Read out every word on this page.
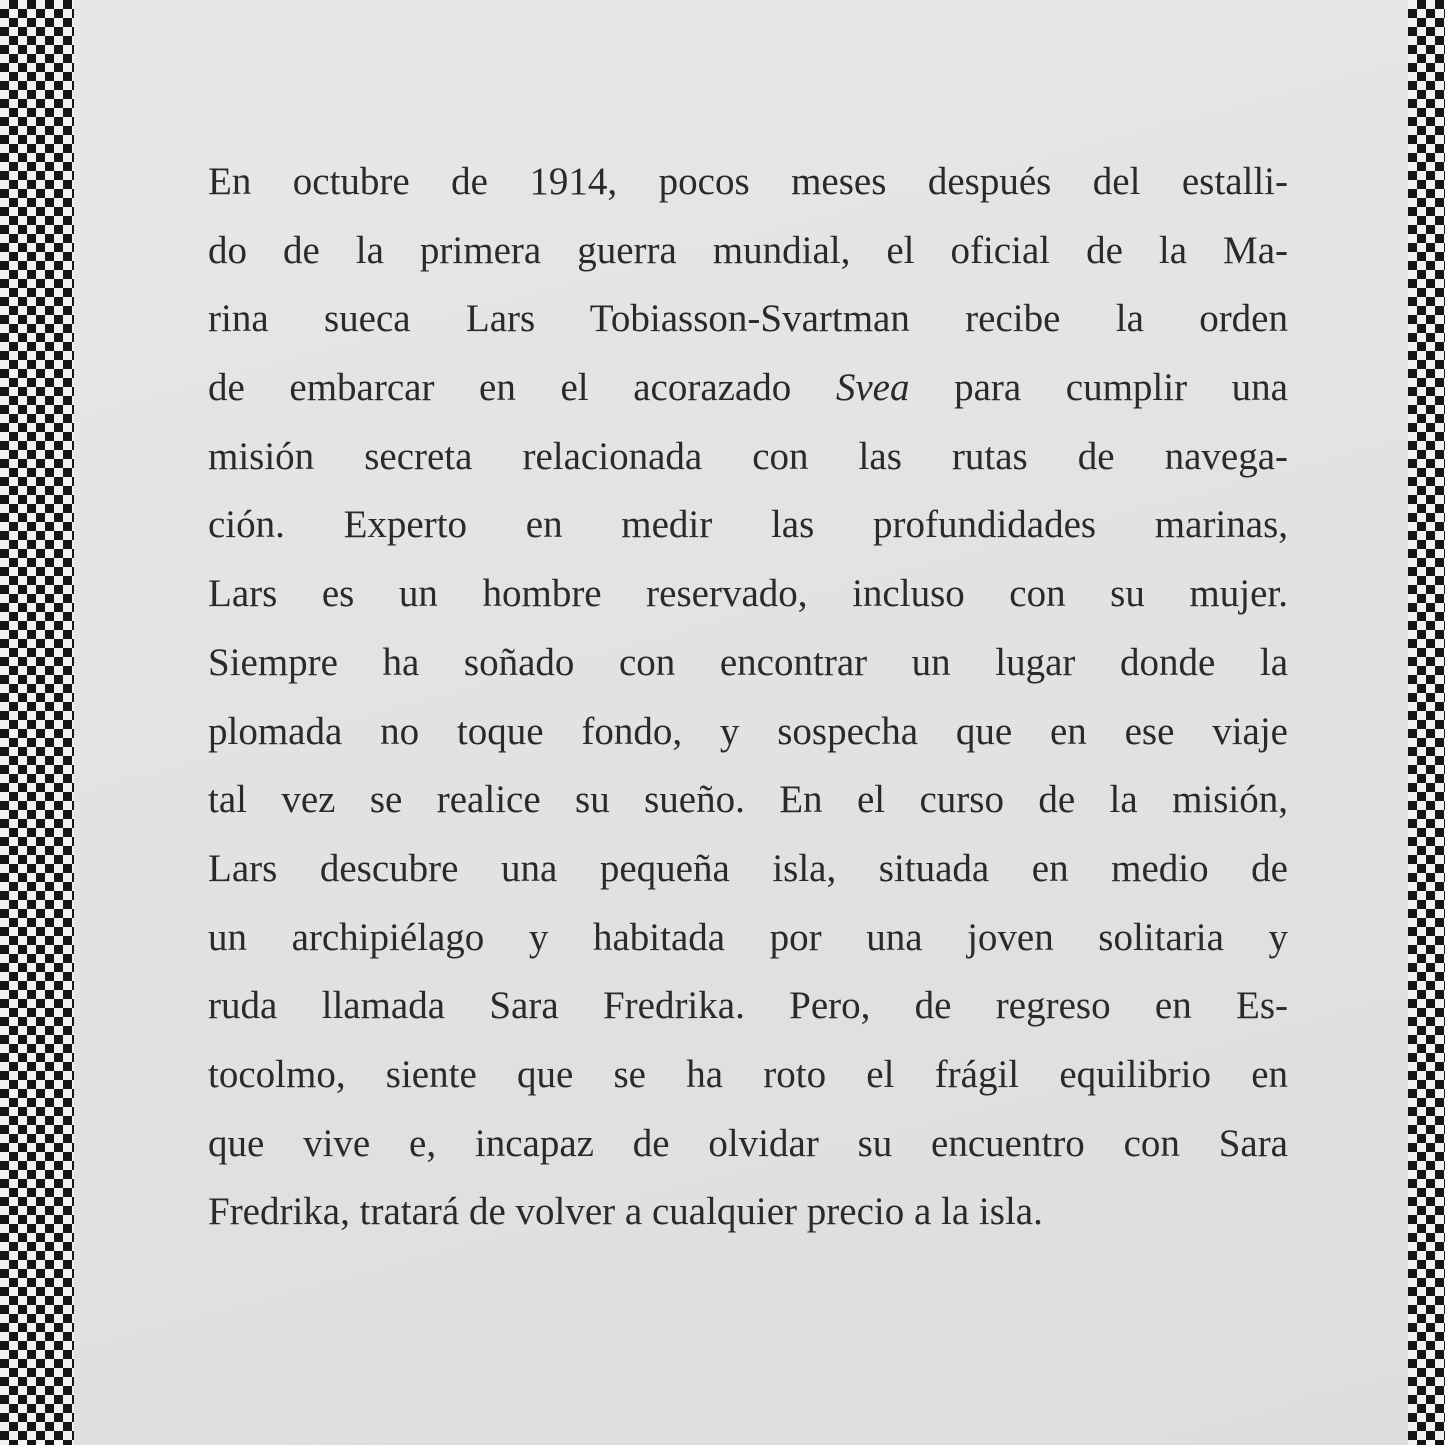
En octubre de 1914, pocos meses después del estalli-
do de la primera guerra mundial, el oficial de la Ma-
rina sueca Lars Tobiasson-Svartman recibe la orden
de embarcar en el acorazado Svea para cumplir una
misión secreta relacionada con las rutas de navega-
ción. Experto en medir las profundidades marinas,
Lars es un hombre reservado, incluso con su mujer.
Siempre ha soñado con encontrar un lugar donde la
plomada no toque fondo, y sospecha que en ese viaje
tal vez se realice su sueño. En el curso de la misión,
Lars descubre una pequeña isla, situada en medio de
un archipiélago y habitada por una joven solitaria y
ruda llamada Sara Fredrika. Pero, de regreso en Es-
tocolmo, siente que se ha roto el frágil equilibrio en
que vive e, incapaz de olvidar su encuentro con Sara
Fredrika, tratará de volver a cualquier precio a la isla.
